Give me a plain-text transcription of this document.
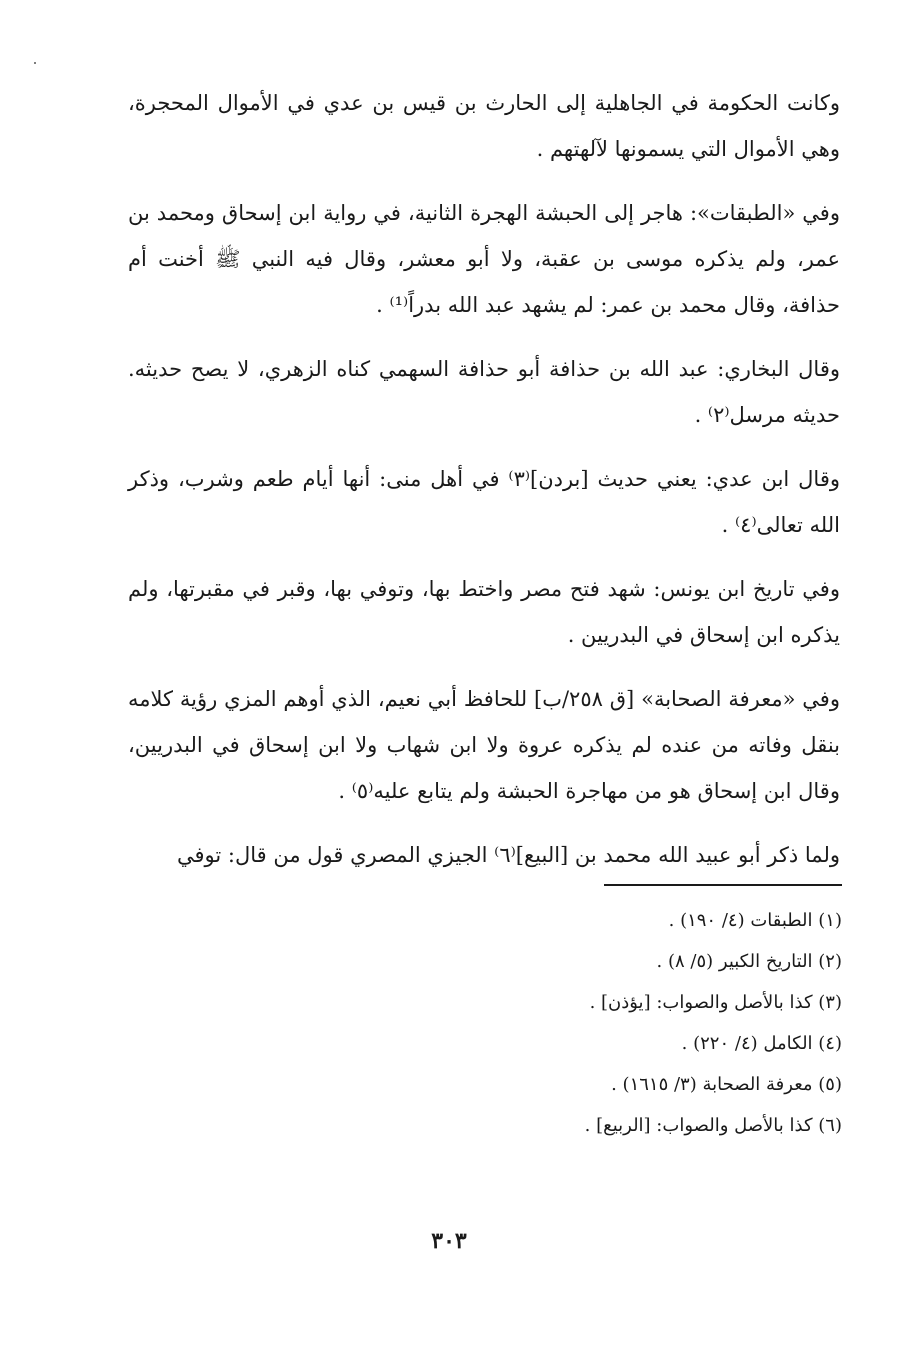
وكانت الحكومة في الجاهلية إلى الحارث بن قيس بن عدي في الأموال المحجرة، وهي الأموال التي يسمونها لآلهتهم .

وفي «الطبقات»: هاجر إلى الحبشة الهجرة الثانية، في رواية ابن إسحاق ومحمد بن عمر، ولم يذكره موسى بن عقبة، ولا أبو معشر، وقال فيه النبي ﷺ أخنت أم حذافة، وقال محمد بن عمر: لم يشهد عبد الله بدراً⁽¹⁾ .

وقال البخاري: عبد الله بن حذافة أبو حذافة السهمي كناه الزهري، لا يصح حديثه. حديثه مرسل⁽٢⁾ .

وقال ابن عدي: يعني حديث [بردن]⁽٣⁾ في أهل منى: أنها أيام طعم وشرب، وذكر الله تعالى⁽٤⁾ .

وفي تاريخ ابن يونس: شهد فتح مصر واختط بها، وتوفي بها، وقبر في مقبرتها، ولم يذكره ابن إسحاق في البدريين .

وفي «معرفة الصحابة» [ق ٢٥٨/ب] للحافظ أبي نعيم، الذي أوهم المزي رؤية كلامه بنقل وفاته من عنده لم يذكره عروة ولا ابن شهاب ولا ابن إسحاق في البدريين، وقال ابن إسحاق هو من مهاجرة الحبشة ولم يتابع عليه⁽٥⁾ .

ولما ذكر أبو عبيد الله محمد بن [البيع]⁽٦⁾ الجيزي المصري قول من قال: توفي

(١) الطبقات (٤/ ١٩٠) .
(٢) التاريخ الكبير (٥/ ٨) .
(٣) كذا بالأصل والصواب: [يؤذن] .
(٤) الكامل (٤/ ٢٢٠) .
(٥) معرفة الصحابة (٣/ ١٦١٥) .
(٦) كذا بالأصل والصواب: [الربيع] .
٣٠٣
